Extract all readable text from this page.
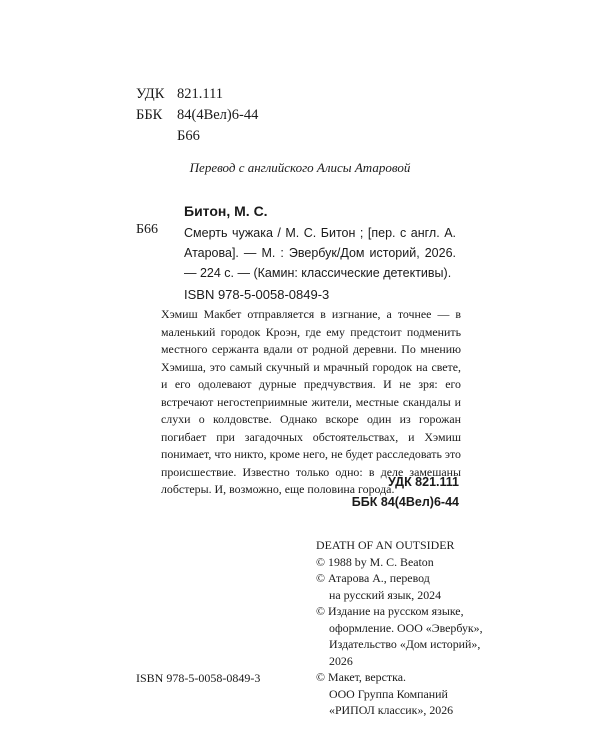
УДК 821.111
ББК	84(4Вел)6-44
Б66
Перевод с английского Алисы Атаровой
Битон, М. С.
Б66 Смерть чужака / М. С. Битон ; [пер. с англ. А. Атарова]. — М. : Эвербук/Дом историй, 2026. — 224 с. — (Камин: классические детективы).
ISBN 978-5-0058-0849-3

Хэмиш Макбет отправляется в изгнание, а точнее — в маленький городок Кроэн, где ему предстоит подменить местного сержанта вдали от родной деревни. По мнению Хэмиша, это самый скучный и мрачный городок на свете, и его одолевают дурные предчувствия. И не зря: его встречают негостеприимные жители, местные скандалы и слухи о колдовстве. Однако вскоре один из горожан погибает при загадочных обстоятельствах, и Хэмиш понимает, что никто, кроме него, не будет расследовать это происшествие. Известно только одно: в деле замешаны лобстеры. И, возможно, еще половина города.

УДК 821.111
ББК 84(4Вел)6-44
DEATH OF AN OUTSIDER
© 1988 by M. C. Beaton
© Атарова А., перевод
на русский язык, 2024
© Издание на русском языке,
оформление. ООО «Эвербук»,
Издательство «Дом историй»,
2026
© Макет, верстка.
ООО Группа Компаний
«РИПОЛ классик», 2026
ISBN 978-5-0058-0849-3
